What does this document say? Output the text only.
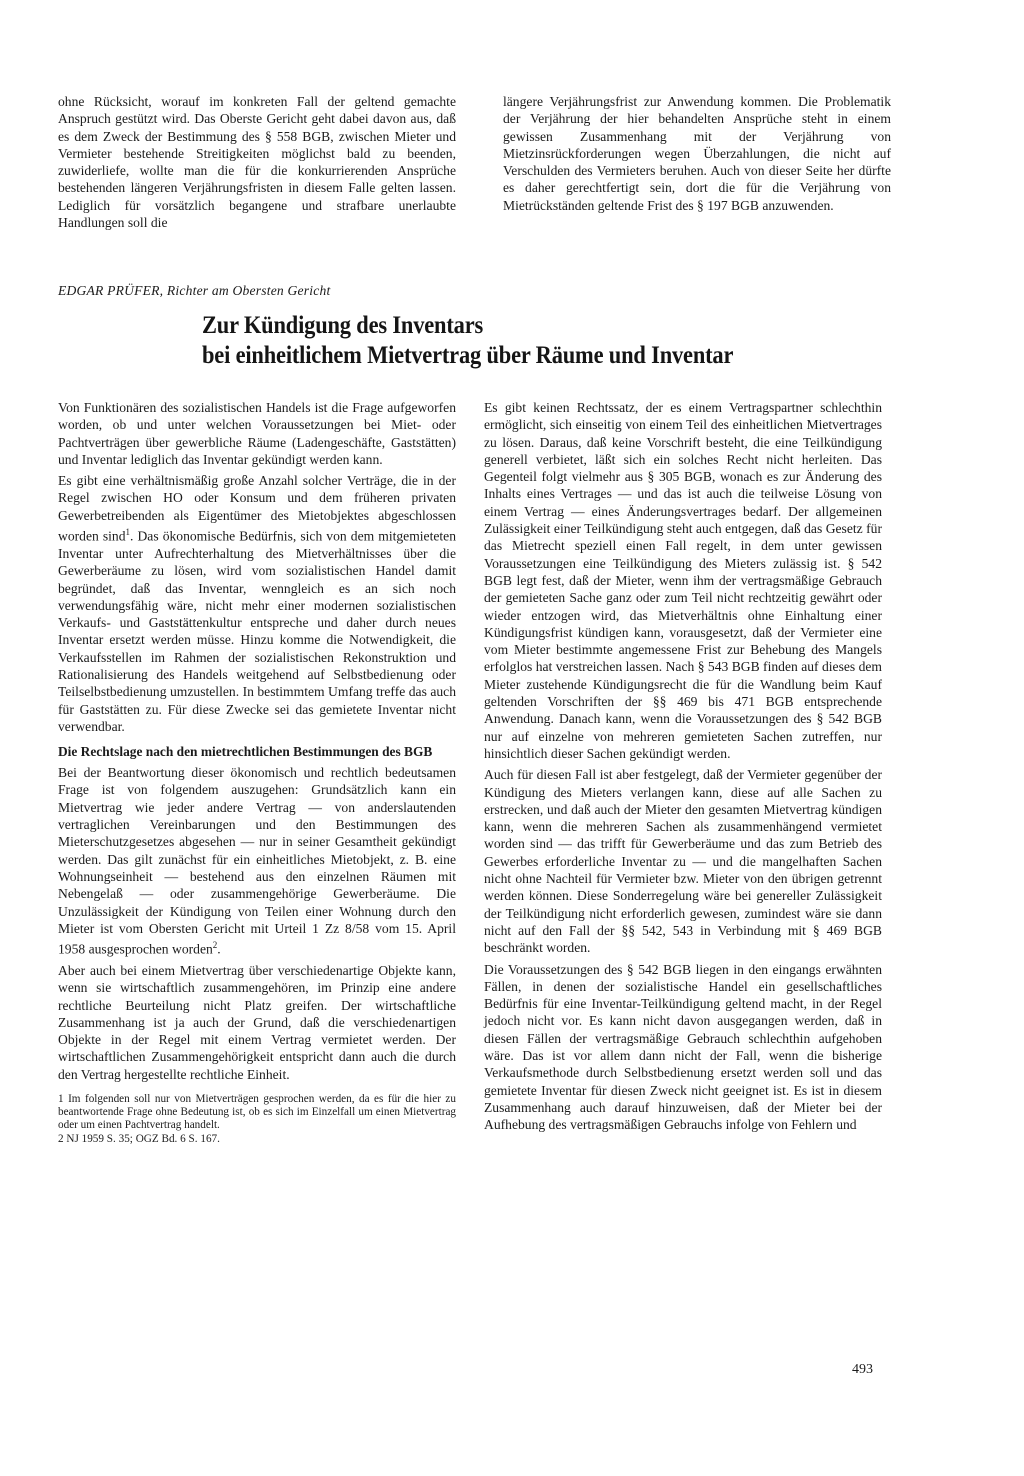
ohne Rücksicht, worauf im konkreten Fall der geltend gemachte Anspruch gestützt wird. Das Oberste Gericht geht dabei davon aus, daß es dem Zweck der Bestimmung des § 558 BGB, zwischen Mieter und Vermieter bestehende Streitigkeiten möglichst bald zu beenden, zuwiderliefe, wollte man die für die konkurrierenden Ansprüche bestehenden längeren Verjährungsfristen in diesem Falle gelten lassen. Lediglich für vorsätzlich begangene und strafbare unerlaubte Handlungen soll die

längere Verjährungsfrist zur Anwendung kommen. Die Problematik der Verjährung der hier behandelten Ansprüche steht in einem gewissen Zusammenhang mit der Verjährung von Mietzinsrückforderungen wegen Überzahlungen, die nicht auf Verschulden des Vermieters beruhen. Auch von dieser Seite her dürfte es daher gerechtfertigt sein, dort die für die Verjährung von Mietrückständen geltende Frist des § 197 BGB anzuwenden.

EDGAR PRÜFER, Richter am Obersten Gericht
Zur Kündigung des Inventars
bei einheitlichem Mietvertrag über Räume und Inventar

Von Funktionären des sozialistischen Handels ist die Frage aufgeworfen worden, ob und unter welchen Voraussetzungen bei Miet- oder Pachtverträgen über gewerbliche Räume (Ladengeschäfte, Gaststätten) und Inventar lediglich das Inventar gekündigt werden kann.

Es gibt eine verhältnismäßig große Anzahl solcher Verträge, die in der Regel zwischen HO oder Konsum und dem früheren privaten Gewerbetreibenden als Eigentümer des Mietobjektes abgeschlossen worden sind$^1$. Das ökonomische Bedürfnis, sich von dem mitgemieteten Inventar unter Aufrechterhaltung des Mietverhältnisses über die Gewerberäume zu lösen, wird vom sozialistischen Handel damit begründet, daß das Inventar, wenngleich es an sich noch verwendungsfähig wäre, nicht mehr einer modernen sozialistischen Verkaufs- und Gaststättenkultur entspreche und daher durch neues Inventar ersetzt werden müsse. Hinzu komme die Notwendigkeit, die Verkaufsstellen im Rahmen der sozialistischen Rekonstruktion und Rationalisierung des Handels weitgehend auf Selbstbedienung oder Teilselbstbedienung umzustellen. In bestimmtem Umfang treffe das auch für Gaststätten zu. Für diese Zwecke sei das gemietete Inventar nicht verwendbar.

Die Rechtslage nach den mietrechtlichen Bestimmungen des BGB

Bei der Beantwortung dieser ökonomisch und rechtlich bedeutsamen Frage ist von folgendem auszugehen: Grundsätzlich kann ein Mietvertrag wie jeder andere Vertrag — von anderslautenden vertraglichen Vereinbarungen und den Bestimmungen des Mieterschutzgesetzes abgesehen — nur in seiner Gesamtheit gekündigt werden. Das gilt zunächst für ein einheitliches Mietobjekt, z. B. eine Wohnungseinheit — bestehend aus den einzelnen Räumen mit Nebengelaß — oder zusammengehörige Gewerberäume. Die Unzulässigkeit der Kündigung von Teilen einer Wohnung durch den Mieter ist vom Obersten Gericht mit Urteil 1 Zz 8/58 vom 15. April 1958 ausgesprochen worden$^2$.

Aber auch bei einem Mietvertrag über verschiedenartige Objekte kann, wenn sie wirtschaftlich zusammengehören, im Prinzip eine andere rechtliche Beurteilung nicht Platz greifen. Der wirtschaftliche Zusammenhang ist ja auch der Grund, daß die verschiedenartigen Objekte in der Regel mit einem Vertrag vermietet werden. Der wirtschaftlichen Zusammengehörigkeit entspricht dann auch die durch den Vertrag hergestellte rechtliche Einheit.

1 Im folgenden soll nur von Mietverträgen gesprochen werden, da es für die hier zu beantwortende Frage ohne Bedeutung ist, ob es sich im Einzelfall um einen Mietvertrag oder um einen Pachtvertrag handelt.
2 NJ 1959 S. 35; OGZ Bd. 6 S. 167.

Es gibt keinen Rechtssatz, der es einem Vertragspartner schlechthin ermöglicht, sich einseitig von einem Teil des einheitlichen Mietvertrages zu lösen. Daraus, daß keine Vorschrift besteht, die eine Teilkündigung generell verbietet, läßt sich ein solches Recht nicht herleiten. Das Gegenteil folgt vielmehr aus § 305 BGB, wonach es zur Änderung des Inhalts eines Vertrages — und das ist auch die teilweise Lösung von einem Vertrag — eines Änderungsvertrages bedarf. Der allgemeinen Zulässigkeit einer Teilkündigung steht auch entgegen, daß das Gesetz für das Mietrecht speziell einen Fall regelt, in dem unter gewissen Voraussetzungen eine Teilkündigung des Mieters zulässig ist. § 542 BGB legt fest, daß der Mieter, wenn ihm der vertragsmäßige Gebrauch der gemieteten Sache ganz oder zum Teil nicht rechtzeitig gewährt oder wieder entzogen wird, das Mietverhältnis ohne Einhaltung einer Kündigungsfrist kündigen kann, vorausgesetzt, daß der Vermieter eine vom Mieter bestimmte angemessene Frist zur Behebung des Mangels erfolglos hat verstreichen lassen. Nach § 543 BGB finden auf dieses dem Mieter zustehende Kündigungsrecht die für die Wandlung beim Kauf geltenden Vorschriften der §§ 469 bis 471 BGB entsprechende Anwendung. Danach kann, wenn die Voraussetzungen des § 542 BGB nur auf einzelne von mehreren gemieteten Sachen zutreffen, nur hinsichtlich dieser Sachen gekündigt werden.

Auch für diesen Fall ist aber festgelegt, daß der Vermieter gegenüber der Kündigung des Mieters verlangen kann, diese auf alle Sachen zu erstrecken, und daß auch der Mieter den gesamten Mietvertrag kündigen kann, wenn die mehreren Sachen als zusammenhängend vermietet worden sind — das trifft für Gewerberäume und das zum Betrieb des Gewerbes erforderliche Inventar zu — und die mangelhaften Sachen nicht ohne Nachteil für Vermieter bzw. Mieter von den übrigen getrennt werden können. Diese Sonderregelung wäre bei genereller Zulässigkeit der Teilkündigung nicht erforderlich gewesen, zumindest wäre sie dann nicht auf den Fall der §§ 542, 543 in Verbindung mit § 469 BGB beschränkt worden.

Die Voraussetzungen des § 542 BGB liegen in den eingangs erwähnten Fällen, in denen der sozialistische Handel ein gesellschaftliches Bedürfnis für eine Inventar-Teilkündigung geltend macht, in der Regel jedoch nicht vor. Es kann nicht davon ausgegangen werden, daß in diesen Fällen der vertragsmäßige Gebrauch schlechthin aufgehoben wäre. Das ist vor allem dann nicht der Fall, wenn die bisherige Verkaufsmethode durch Selbstbedienung ersetzt werden soll und das gemietete Inventar für diesen Zweck nicht geeignet ist. Es ist in diesem Zusammenhang auch darauf hinzuweisen, daß der Mieter bei der Aufhebung des vertragsmäßigen Gebrauchs infolge von Fehlern und

493
